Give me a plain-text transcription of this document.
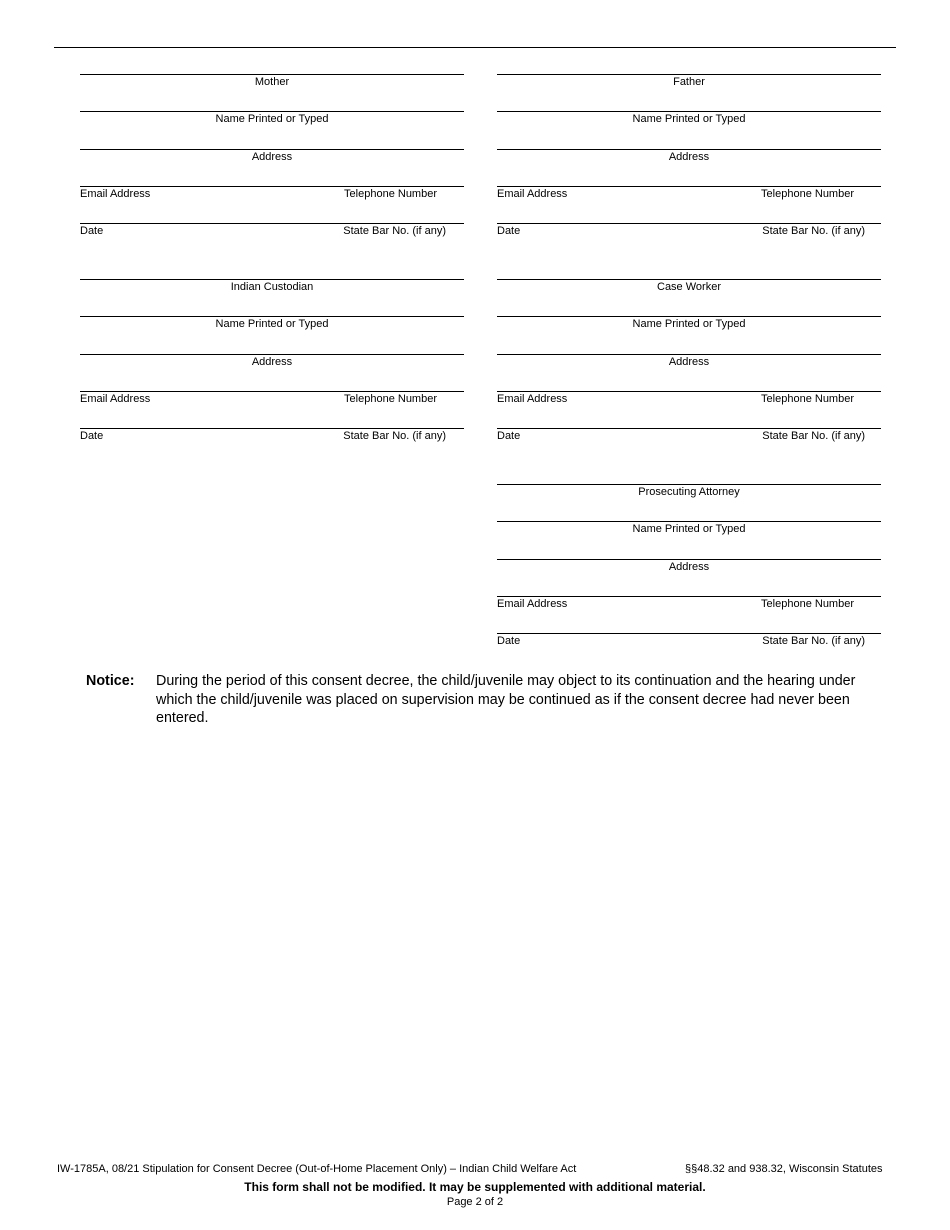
Mother
Name Printed or Typed
Address
Email Address	Telephone Number
Date	State Bar No. (if any)
Father
Name Printed or Typed
Address
Email Address	Telephone Number
Date	State Bar No. (if any)
Indian Custodian
Name Printed or Typed
Address
Email Address	Telephone Number
Date	State Bar No. (if any)
Case Worker
Name Printed or Typed
Address
Email Address	Telephone Number
Date	State Bar No. (if any)
Prosecuting Attorney
Name Printed or Typed
Address
Email Address	Telephone Number
Date	State Bar No. (if any)
Notice: During the period of this consent decree, the child/juvenile may object to its continuation and the hearing under which the child/juvenile was placed on supervision may be continued as if the consent decree had never been entered.
IW-1785A, 08/21 Stipulation for Consent Decree (Out-of-Home Placement Only) – Indian Child Welfare Act	§§48.32 and 938.32, Wisconsin Statutes
This form shall not be modified. It may be supplemented with additional material.
Page 2 of 2
